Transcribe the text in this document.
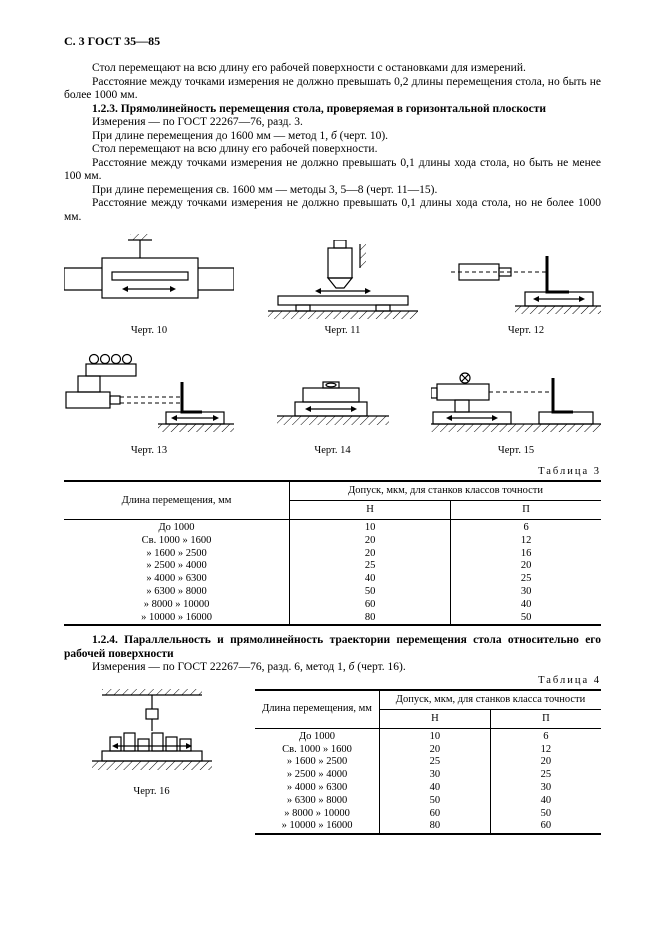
С. 3 ГОСТ 35—85

Стол перемещают на всю длину его рабочей поверхности с остановками для измерений.

Расстояние между точками измерения не должно превышать 0,2 длины перемещения стола, но быть не более 1000 мм.

1.2.3. Прямолинейность перемещения стола, проверяемая в горизонтальной плоскости

Измерения — по ГОСТ 22267—76, разд. 3.

При длине перемещения до 1600 мм — метод 1, б (черт. 10).

Стол перемещают на всю длину его рабочей поверхности.

Расстояние между точками измерения не должно превышать 0,1 длины хода стола, но быть не менее 100 мм.

При длине перемещения св. 1600 мм — методы 3, 5—8 (черт. 11—15).

Расстояние между точками измерения не должно превышать 0,1 длины хода стола, но не более 1000 мм.

Черт. 10	Черт. 11	Черт. 12
Черт. 13	Черт. 14	Черт. 15
Таблица 3
Длина перемещения, мм	Допуск, мкм, для станков классов точности	
	Н	П
До 1000	10	6
Св. 1000 » 1600	20	12
» 1600 » 2500	20	16
» 2500 » 4000	25	20
» 4000 » 6300	40	25
» 6300 » 8000	50	30
» 8000 » 10000	60	40
» 10000 » 16000	80	50

1.2.4. Параллельность и прямолинейность траектории перемещения стола относительно его рабочей поверхности

Измерения — по ГОСТ 22267—76, разд. 6, метод 1, б (черт. 16).

Черт. 16
Таблица 4
Длина перемещения, мм	Допуск, мкм, для станков класса точности	
	Н	П
До 1000	10	6
Св. 1000 » 1600	20	12
» 1600 » 2500	25	20
» 2500 » 4000	30	25
» 4000 » 6300	40	30
» 6300 » 8000	50	40
» 8000 » 10000	60	50
» 10000 » 16000	80	60
